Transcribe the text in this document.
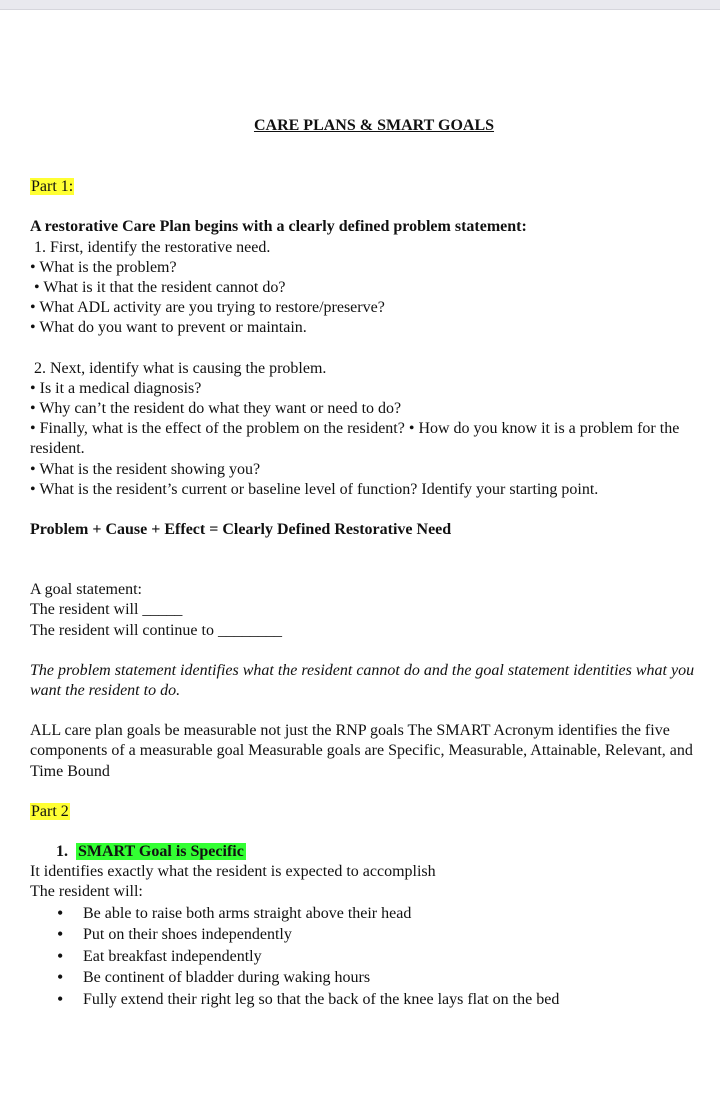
CARE PLANS & SMART GOALS

Part 1:

A restorative Care Plan begins with a clearly defined problem statement:

1. First, identify the restorative need.

• What is the problem?
• What is it that the resident cannot do?
• What ADL activity are you trying to restore/preserve?
• What do you want to prevent or maintain.

2. Next, identify what is causing the problem.

• Is it a medical diagnosis?
• Why can’t the resident do what they want or need to do?
• Finally, what is the effect of the problem on the resident? • How do you know it is a problem for the resident.
• What is the resident showing you?
• What is the resident’s current or baseline level of function? Identify your starting point.

Problem + Cause + Effect = Clearly Defined Restorative Need

A goal statement:

The resident will _____

The resident will continue to ________

The problem statement identifies what the resident cannot do and the goal statement identities what you want the resident to do.

ALL care plan goals be measurable not just the RNP goals The SMART Acronym identifies the five components of a measurable goal Measurable goals are Specific, Measurable, Attainable, Relevant, and Time Bound

Part 2

1. SMART Goal is Specific

It identifies exactly what the resident is expected to accomplish

The resident will:

• Be able to raise both arms straight above their head
• Put on their shoes independently
• Eat breakfast independently
• Be continent of bladder during waking hours
• Fully extend their right leg so that the back of the knee lays flat on the bed
